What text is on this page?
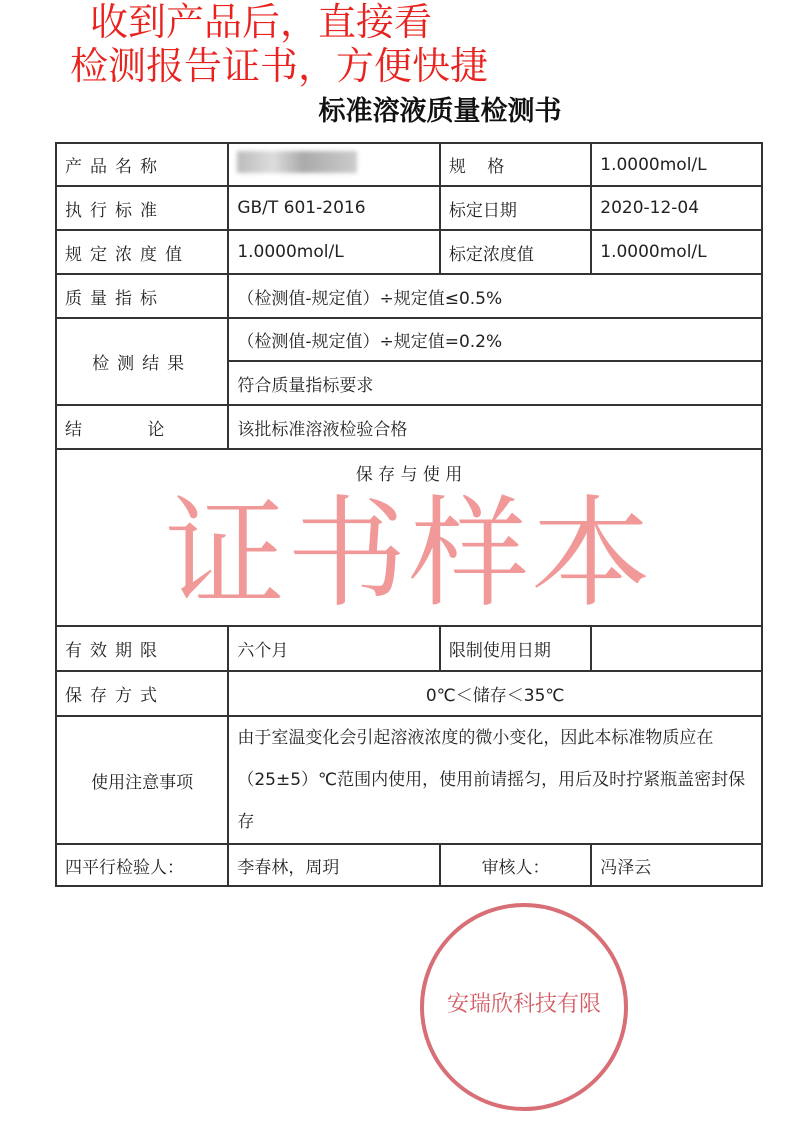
收到产品后，直接看
检测报告证书，方便快捷
标准溶液质量检测书
产品名称		规 格	1.0000mol/L
执行标准	GB/T 601-2016	标定日期	2020-12-04
规定浓度值	1.0000mol/L	标定浓度值	1.0000mol/L
质量指标	（检测值-规定值）÷规定值≤0.5%		
检测结果	（检测值-规定值）÷规定值=0.2%		
	符合质量指标要求		
结 论	该批标准溶液检验合格		

保 存 与 使 用
证书样本			

有效期限	六个月	限制使用日期	
保存方式	0℃＜储存＜35℃		
使用注意事项	由于室温变化会引起溶液浓度的微小变化，因此本标准物质应在（25±5）℃范围内使用，使用前请摇匀，用后及时拧紧瓶盖密封保存		
四平行检验人：	李春林，周玥	审核人：	冯泽云
安瑞欣科技有限
